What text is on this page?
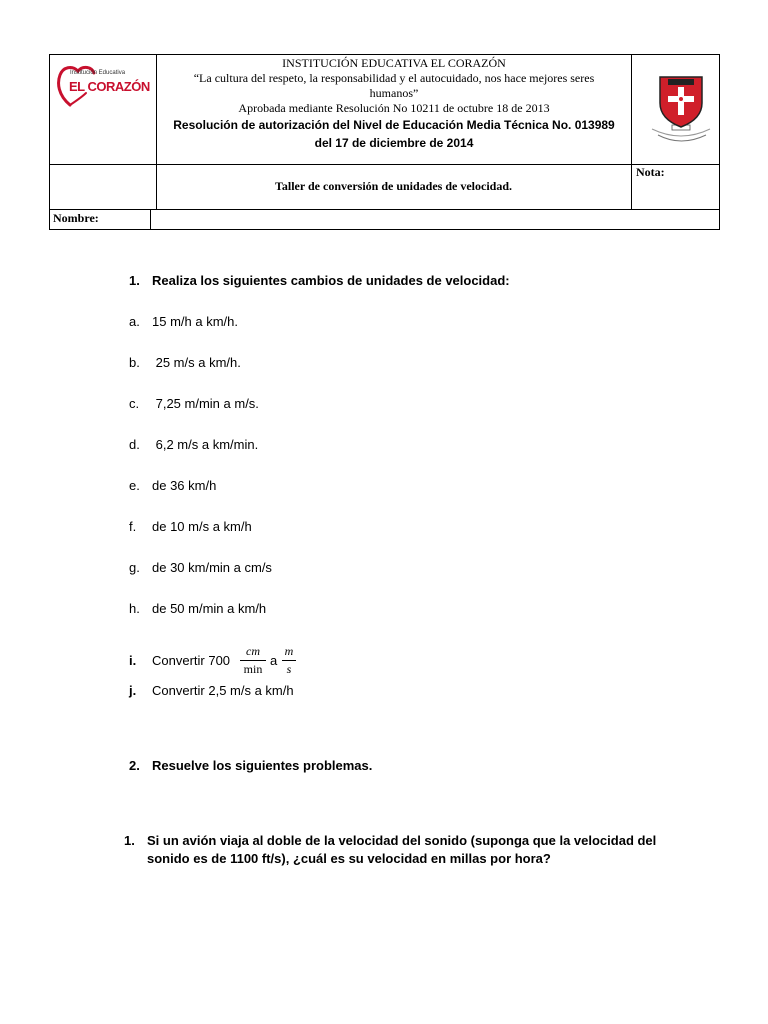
Institución Educativa
EL CORAZÓN
INSTITUCIÓN EDUCATIVA EL CORAZÓN
“La cultura del respeto, la responsabilidad y el autocuidado, nos hace mejores seres humanos”
Aprobada mediante Resolución No 10211 de octubre 18 de 2013
Resolución de autorización del Nivel de Educación Media Técnica No. 013989 del 17 de diciembre de 2014
Taller de conversión de unidades de velocidad.
Nota:
Nombre:
1. Realiza los siguientes cambios de unidades de velocidad:
a. 15 m/h a km/h.
b. 25 m/s a km/h.
c. 7,25 m/min a m/s.
d. 6,2 m/s a km/min.
e. de 36 km/h
f. de 10 m/s a km/h
g. de 30 km/min a cm/s
h. de 50 m/min a km/h
i. Convertir 700
cm
min
a
m
s
j. Convertir 2,5 m/s a km/h
2. Resuelve los siguientes problemas.
1. Si un avión viaja al doble de la velocidad del sonido (suponga que la velocidad del sonido es de 1100 ft/s), ¿cuál es su velocidad en millas por hora?
